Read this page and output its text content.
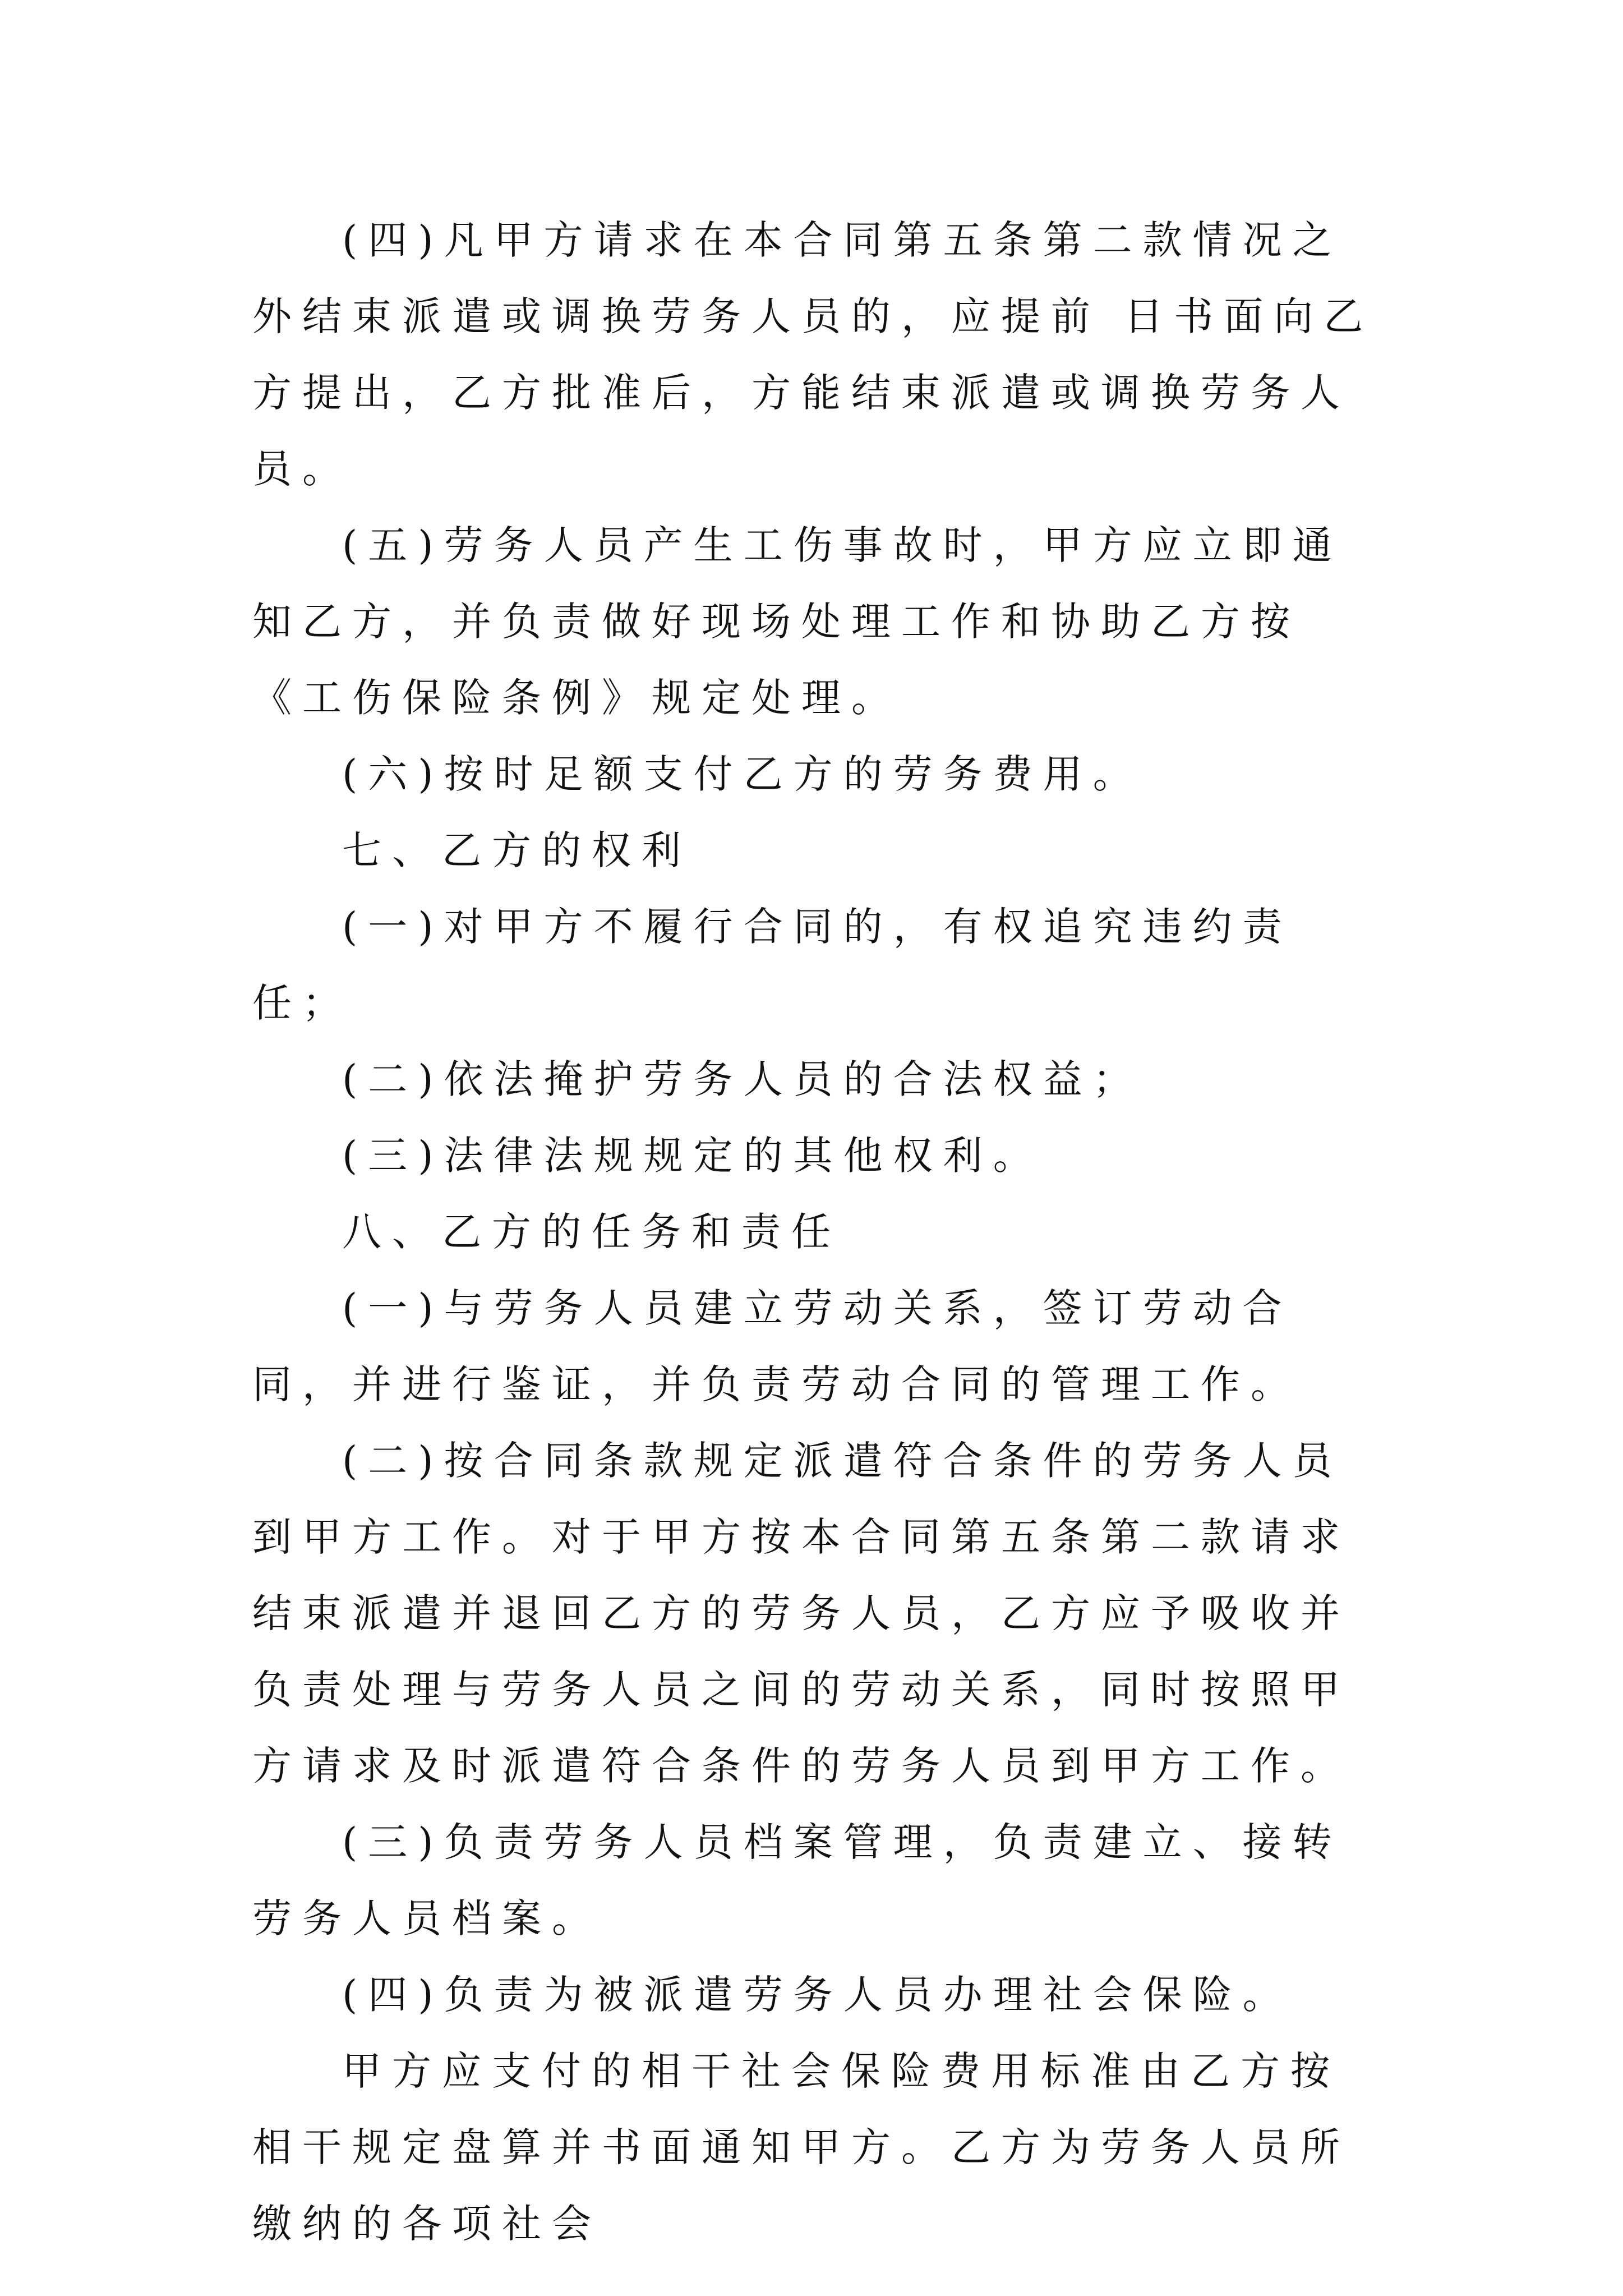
(四)凡甲方请求在本合同第五条第二款情况之外结束派遣或调换劳务人员的，应提前 日书面向乙方提出，乙方批准后，方能结束派遣或调换劳务人员。

(五)劳务人员产生工伤事故时，甲方应立即通知乙方，并负责做好现场处理工作和协助乙方按《工伤保险条例》规定处理。

(六)按时足额支付乙方的劳务费用。

七、乙方的权利

(一)对甲方不履行合同的，有权追究违约责任；

(二)依法掩护劳务人员的合法权益；

(三)法律法规规定的其他权利。

八、乙方的任务和责任

(一)与劳务人员建立劳动关系，签订劳动合同，并进行鉴证，并负责劳动合同的管理工作。

(二)按合同条款规定派遣符合条件的劳务人员到甲方工作。对于甲方按本合同第五条第二款请求结束派遣并退回乙方的劳务人员，乙方应予吸收并负责处理与劳务人员之间的劳动关系，同时按照甲方请求及时派遣符合条件的劳务人员到甲方工作。

(三)负责劳务人员档案管理，负责建立、接转劳务人员档案。

(四)负责为被派遣劳务人员办理社会保险。

甲方应支付的相干社会保险费用标准由乙方按相干规定盘算并书面通知甲方。乙方为劳务人员所缴纳的各项社会
